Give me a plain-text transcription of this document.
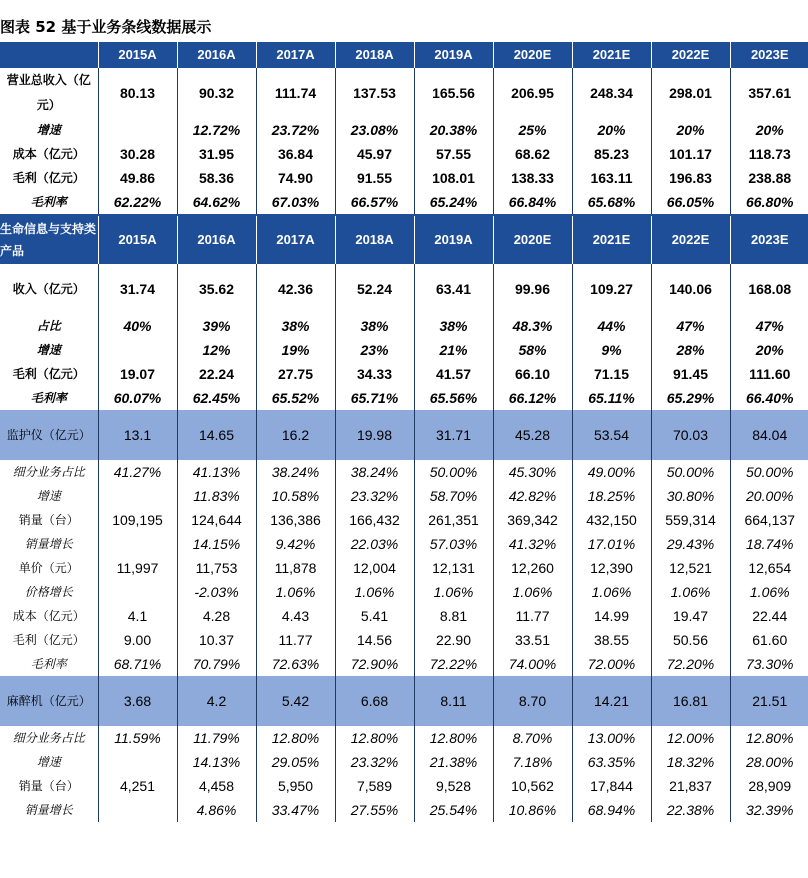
图表 52 基于业务条线数据展示
	2015A	2016A	2017A	2018A	2019A	2020E	2021E	2022E	2023E
营业总收入（亿元）	80.13	90.32	111.74	137.53	165.56	206.95	248.34	298.01	357.61
增速		12.72%	23.72%	23.08%	20.38%	25%	20%	20%	20%
成本（亿元）	30.28	31.95	36.84	45.97	57.55	68.62	85.23	101.17	118.73
毛利（亿元）	49.86	58.36	74.90	91.55	108.01	138.33	163.11	196.83	238.88
毛利率	62.22%	64.62%	67.03%	66.57%	65.24%	66.84%	65.68%	66.05%	66.80%
生命信息与支持类产品	2015A	2016A	2017A	2018A	2019A	2020E	2021E	2022E	2023E
收入（亿元）	31.74	35.62	42.36	52.24	63.41	99.96	109.27	140.06	168.08
占比	40%	39%	38%	38%	38%	48.3%	44%	47%	47%
增速		12%	19%	23%	21%	58%	9%	28%	20%
毛利（亿元）	19.07	22.24	27.75	34.33	41.57	66.10	71.15	91.45	111.60
毛利率	60.07%	62.45%	65.52%	65.71%	65.56%	66.12%	65.11%	65.29%	66.40%
监护仪（亿元）	13.1	14.65	16.2	19.98	31.71	45.28	53.54	70.03	84.04
细分业务占比	41.27%	41.13%	38.24%	38.24%	50.00%	45.30%	49.00%	50.00%	50.00%
增速		11.83%	10.58%	23.32%	58.70%	42.82%	18.25%	30.80%	20.00%
销量（台）	109,195	124,644	136,386	166,432	261,351	369,342	432,150	559,314	664,137
销量增长		14.15%	9.42%	22.03%	57.03%	41.32%	17.01%	29.43%	18.74%
单价（元）	11,997	11,753	11,878	12,004	12,131	12,260	12,390	12,521	12,654
价格增长		-2.03%	1.06%	1.06%	1.06%	1.06%	1.06%	1.06%	1.06%
成本（亿元）	4.1	4.28	4.43	5.41	8.81	11.77	14.99	19.47	22.44
毛利（亿元）	9.00	10.37	11.77	14.56	22.90	33.51	38.55	50.56	61.60
毛利率	68.71%	70.79%	72.63%	72.90%	72.22%	74.00%	72.00%	72.20%	73.30%
麻醉机（亿元）	3.68	4.2	5.42	6.68	8.11	8.70	14.21	16.81	21.51
细分业务占比	11.59%	11.79%	12.80%	12.80%	12.80%	8.70%	13.00%	12.00%	12.80%
增速		14.13%	29.05%	23.32%	21.38%	7.18%	63.35%	18.32%	28.00%
销量（台）	4,251	4,458	5,950	7,589	9,528	10,562	17,844	21,837	28,909
销量增长		4.86%	33.47%	27.55%	25.54%	10.86%	68.94%	22.38%	32.39%
